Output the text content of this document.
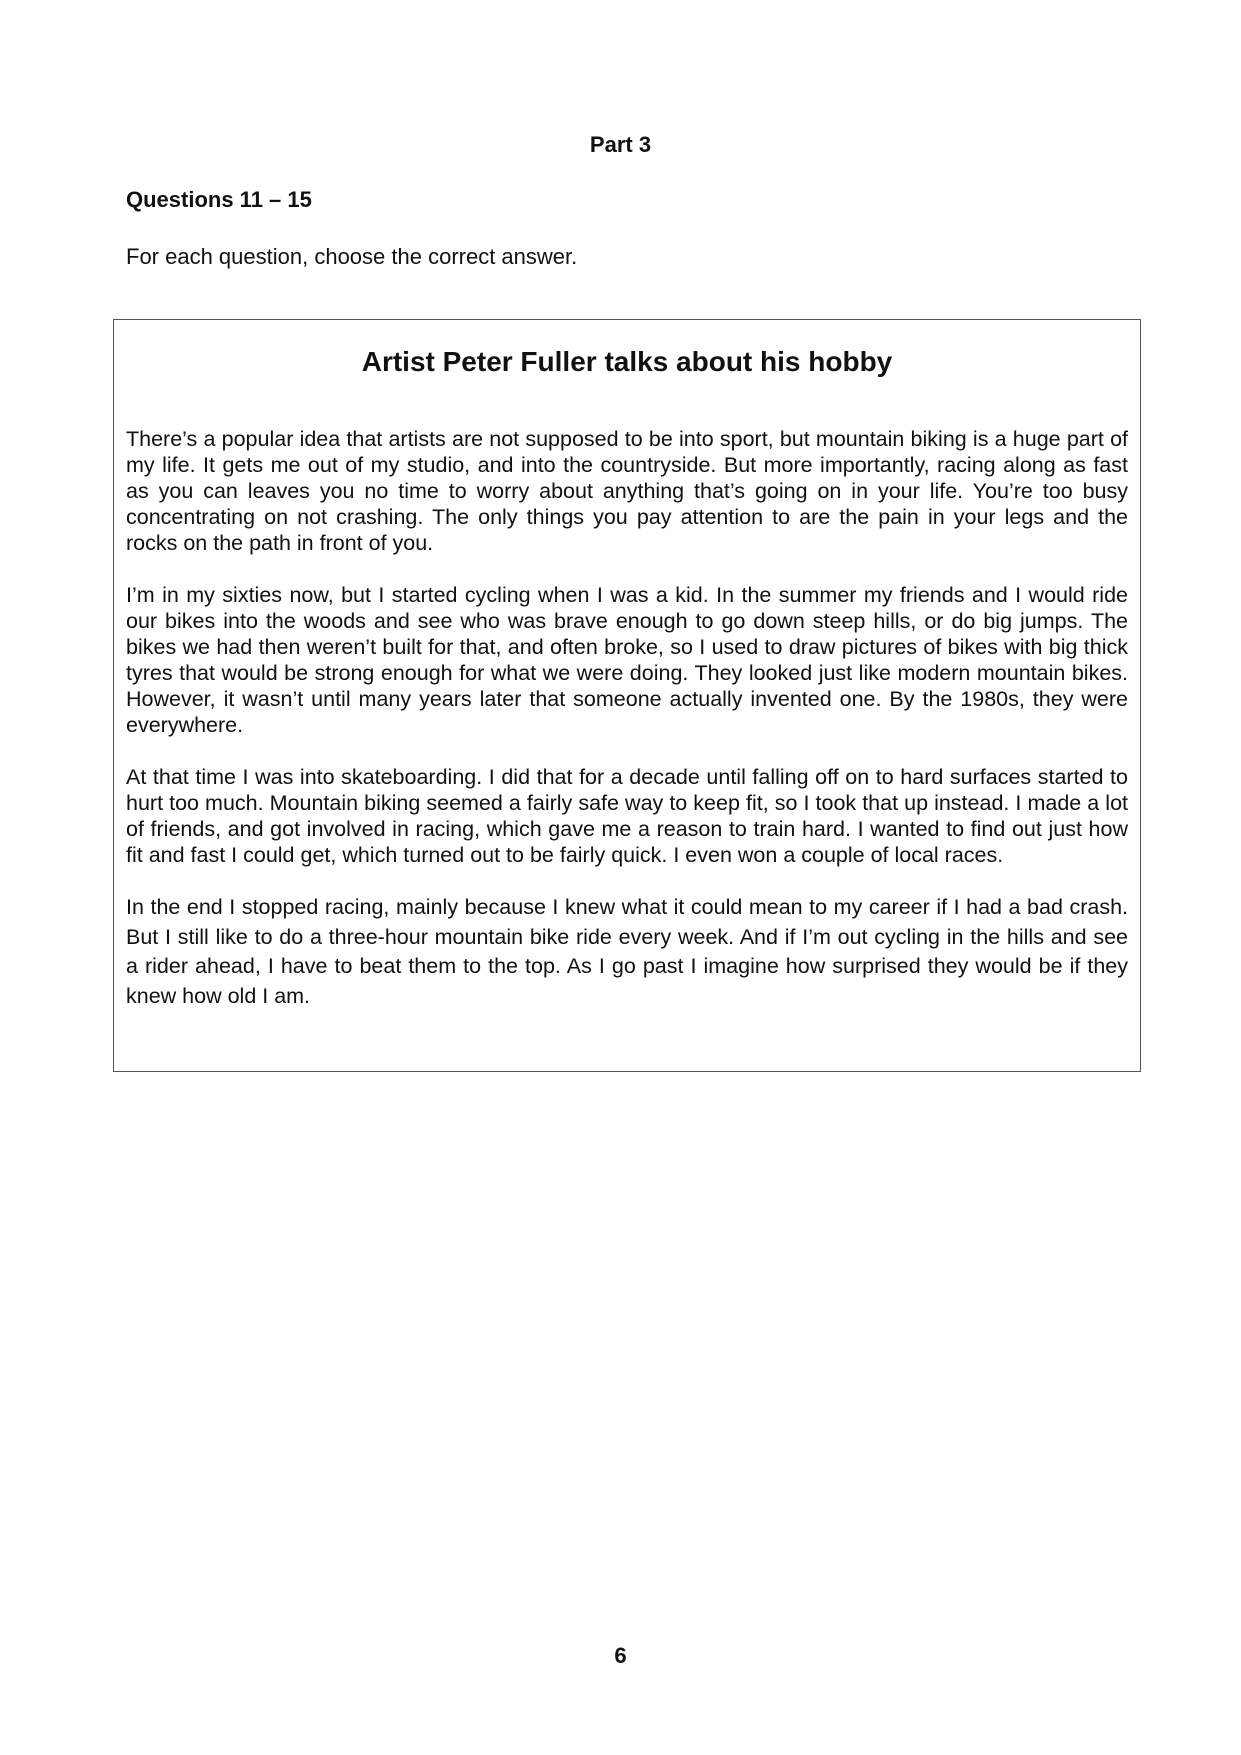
Part 3
Questions 11 – 15
For each question, choose the correct answer.
Artist Peter Fuller talks about his hobby

There’s a popular idea that artists are not supposed to be into sport, but mountain biking is a huge part of my life. It gets me out of my studio, and into the countryside. But more importantly, racing along as fast as you can leaves you no time to worry about anything that’s going on in your life. You’re too busy concentrating on not crashing. The only things you pay attention to are the pain in your legs and the rocks on the path in front of you.

I’m in my sixties now, but I started cycling when I was a kid. In the summer my friends and I would ride our bikes into the woods and see who was brave enough to go down steep hills, or do big jumps. The bikes we had then weren’t built for that, and often broke, so I used to draw pictures of bikes with big thick tyres that would be strong enough for what we were doing. They looked just like modern mountain bikes. However, it wasn’t until many years later that someone actually invented one. By the 1980s, they were everywhere.

At that time I was into skateboarding. I did that for a decade until falling off on to hard surfaces started to hurt too much. Mountain biking seemed a fairly safe way to keep fit, so I took that up instead. I made a lot of friends, and got involved in racing, which gave me a reason to train hard. I wanted to find out just how fit and fast I could get, which turned out to be fairly quick. I even won a couple of local races.

In the end I stopped racing, mainly because I knew what it could mean to my career if I had a bad crash. But I still like to do a three-hour mountain bike ride every week. And if I’m out cycling in the hills and see a rider ahead, I have to beat them to the top. As I go past I imagine how surprised they would be if they knew how old I am.

6
